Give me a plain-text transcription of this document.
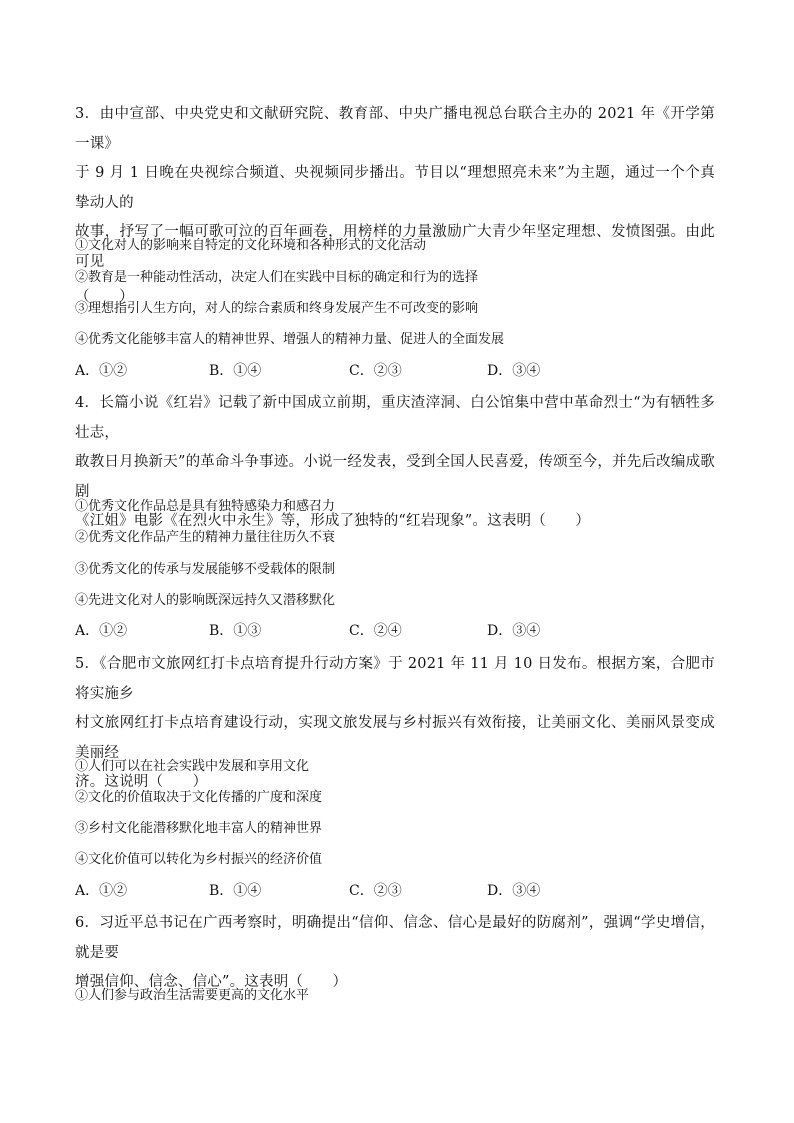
3．由中宣部、中央党史和文献研究院、教育部、中央广播电视总台联合主办的 2021 年《开学第一课》

于 9 月 1 日晚在央视综合频道、央视频同步播出。节目以“理想照亮未来”为主题，通过一个个真挚动人的

故事，抒写了一幅可歌可泣的百年画卷，用榜样的力量激励广大青少年坚定理想、发愤图强。由此可见

（　　）

①文化对人的影响来自特定的文化环境和各种形式的文化活动
②教育是一种能动性活动，决定人们在实践中目标的确定和行为的选择
③理想指引人生方向，对人的综合素质和终身发展产生不可改变的影响
④优秀文化能够丰富人的精神世界、增强人的精神力量、促进人的全面发展
A．①②	B．①④	C．②③	D．③④

4．长篇小说《红岩》记载了新中国成立前期，重庆渣滓洞、白公馆集中营中革命烈士“为有牺牲多壮志，

敢教日月换新天”的革命斗争事迹。小说一经发表，受到全国人民喜爱，传颂至今，并先后改编成歌剧

《江姐》电影《在烈火中永生》等，形成了独特的“红岩现象”。这表明（　　）

①优秀文化作品总是具有独特感染力和感召力
②优秀文化作品产生的精神力量往往历久不衰
③优秀文化的传承与发展能够不受载体的限制
④先进文化对人的影响既深远持久又潜移默化
A．①②	B．①③	C．②④	D．③④

5．《合肥市文旅网红打卡点培育提升行动方案》于 2021 年 11 月 10 日发布。根据方案，合肥市将实施乡

村文旅网红打卡点培育建设行动，实现文旅发展与乡村振兴有效衔接，让美丽文化、美丽风景变成美丽经

济。这说明（　　）

①人们可以在社会实践中发展和享用文化
②文化的价值取决于文化传播的广度和深度
③乡村文化能潜移默化地丰富人的精神世界
④文化价值可以转化为乡村振兴的经济价值
A．①②	B．①④	C．②③	D．③④

6．习近平总书记在广西考察时，明确提出“信仰、信念、信心是最好的防腐剂”，强调“学史增信，就是要

增强信仰、信念、信心”。这表明（　　）

①人们参与政治生活需要更高的文化水平
